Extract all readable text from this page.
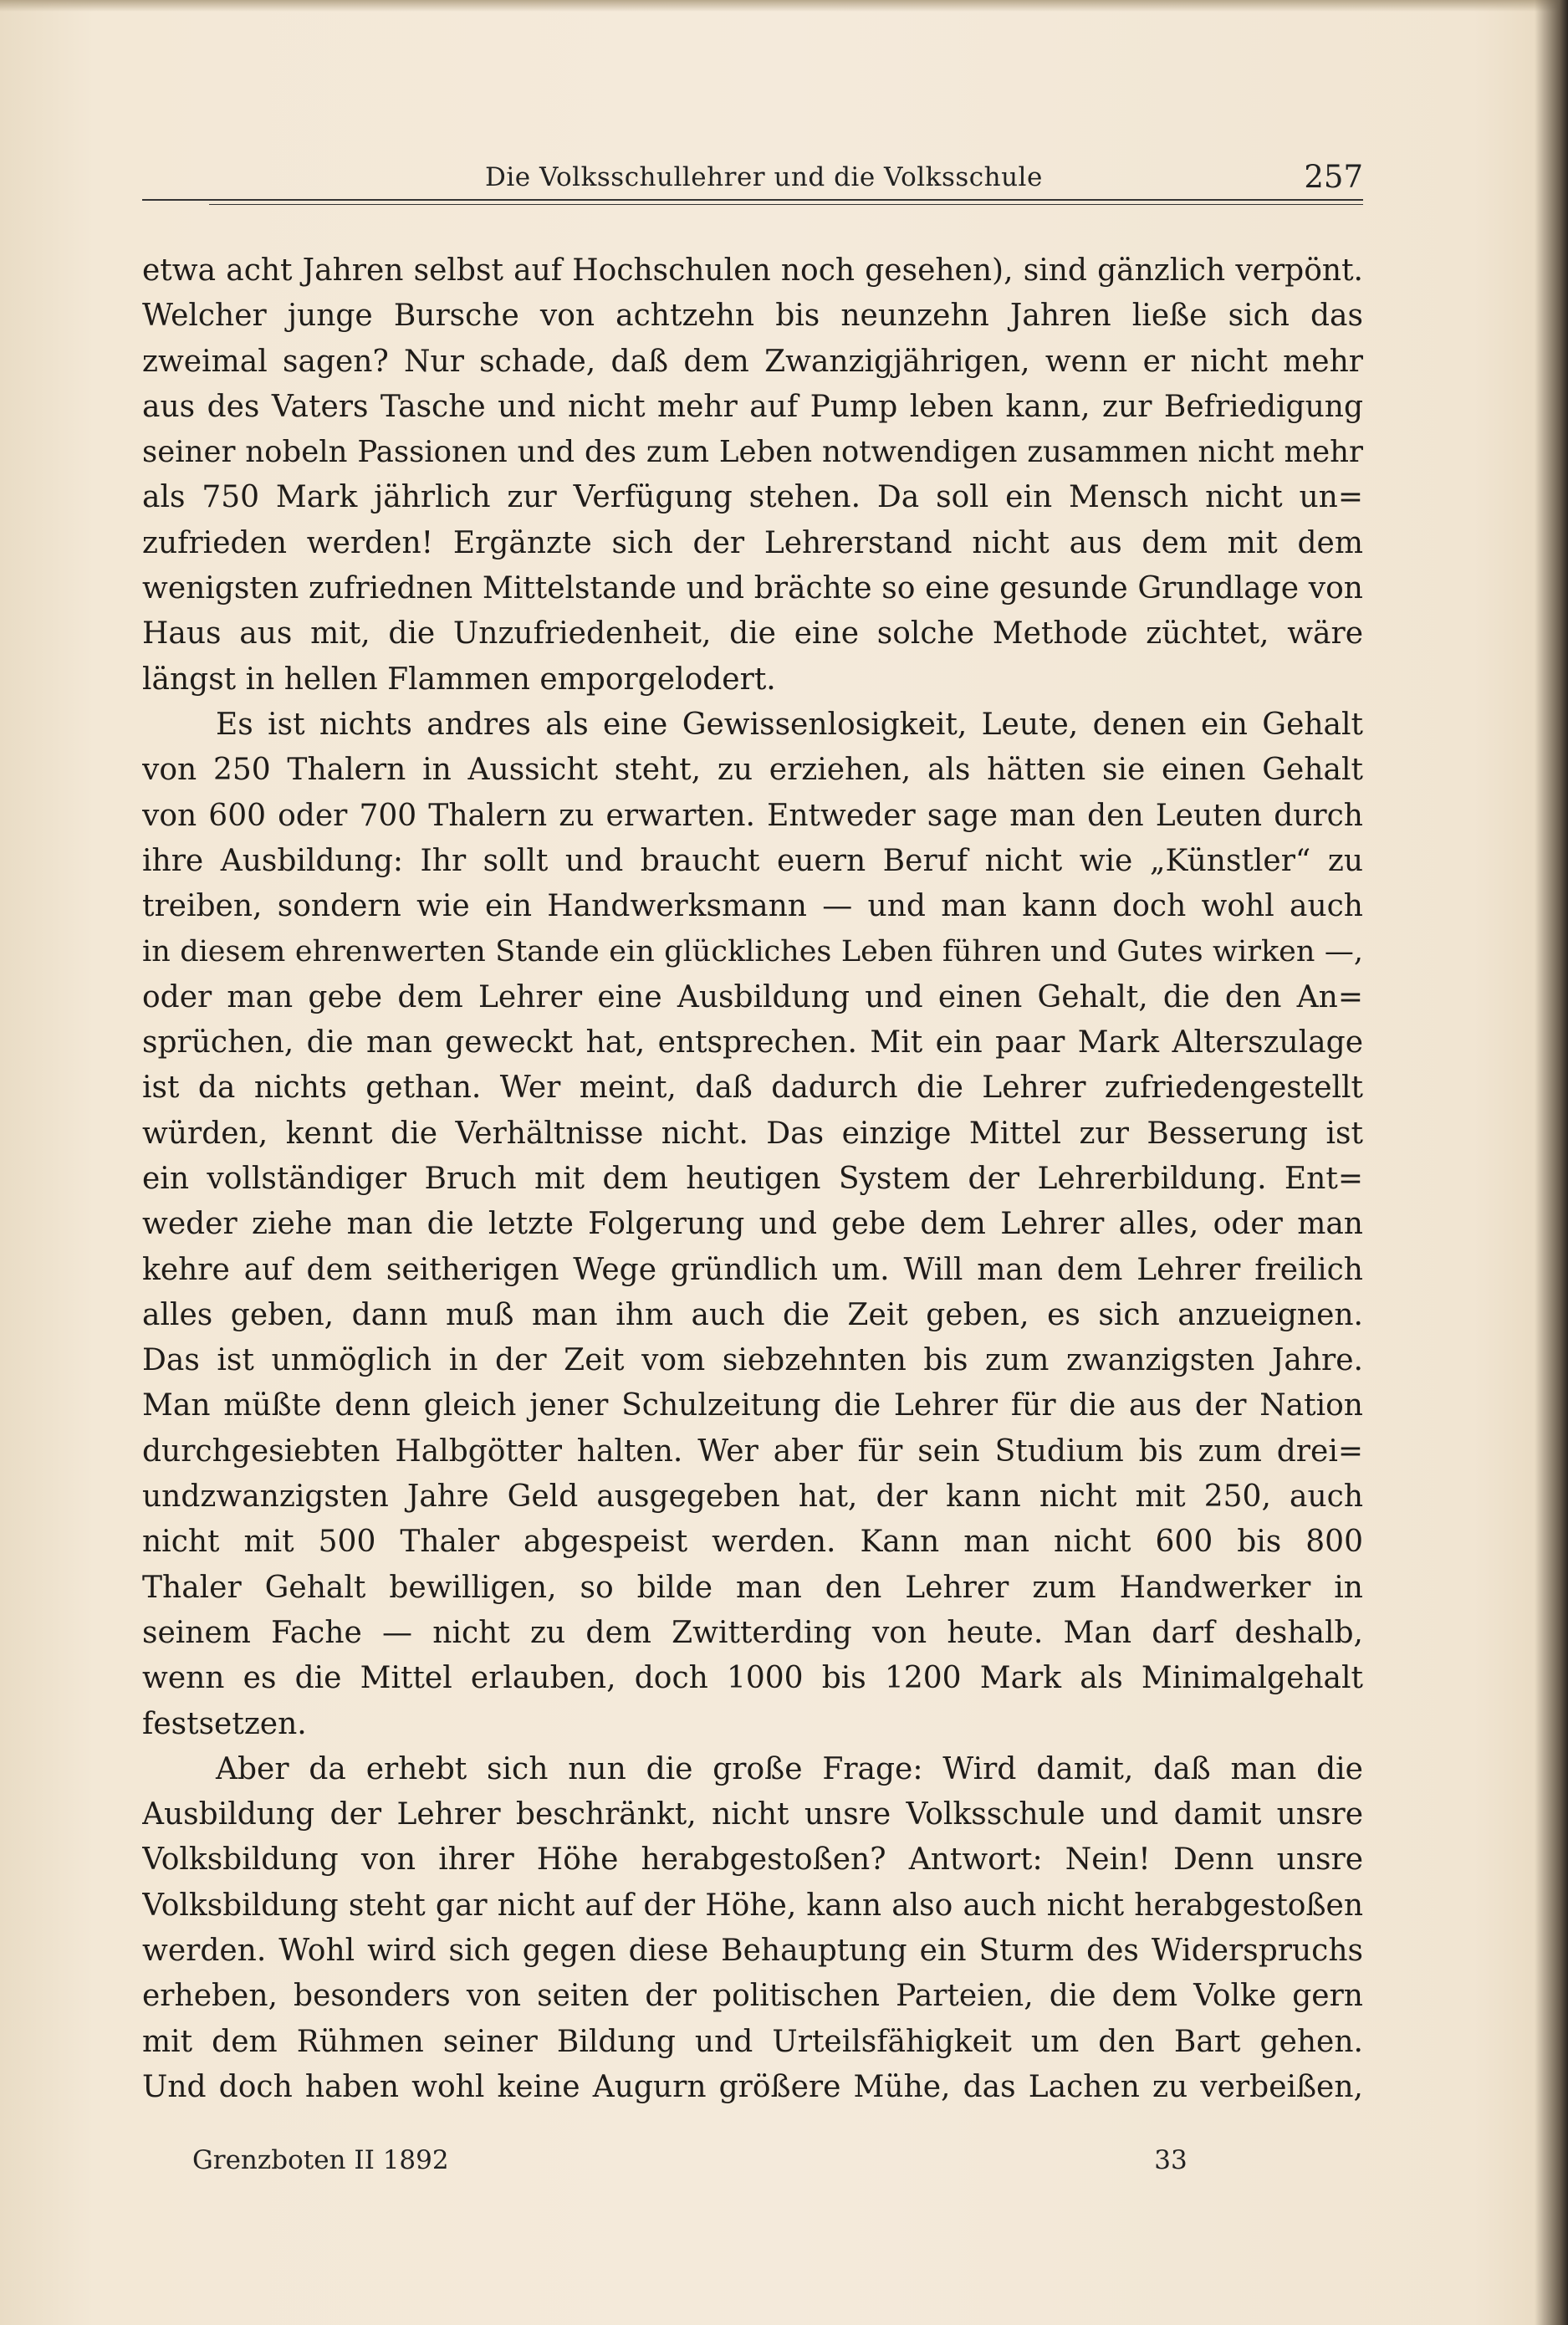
Die Volksschullehrer und die Volksschule	257
etwa acht Jahren selbst auf Hochschulen noch gesehen), sind gänzlich verpönt.
Welcher junge Bursche von achtzehn bis neunzehn Jahren ließe sich das
zweimal sagen? Nur schade, daß dem Zwanzigjährigen, wenn er nicht mehr
aus des Vaters Tasche und nicht mehr auf Pump leben kann, zur Befriedigung
seiner nobeln Passionen und des zum Leben notwendigen zusammen nicht mehr
als 750 Mark jährlich zur Verfügung stehen. Da soll ein Mensch nicht un=
zufrieden werden! Ergänzte sich der Lehrerstand nicht aus dem mit dem
wenigsten zufriednen Mittelstande und brächte so eine gesunde Grundlage von
Haus aus mit, die Unzufriedenheit, die eine solche Methode züchtet, wäre
längst in hellen Flammen emporgelodert.
Es ist nichts andres als eine Gewissenlosigkeit, Leute, denen ein Gehalt
von 250 Thalern in Aussicht steht, zu erziehen, als hätten sie einen Gehalt
von 600 oder 700 Thalern zu erwarten. Entweder sage man den Leuten durch
ihre Ausbildung: Ihr sollt und braucht euern Beruf nicht wie „Künstler“ zu
treiben, sondern wie ein Handwerksmann — und man kann doch wohl auch
in diesem ehrenwerten Stande ein glückliches Leben führen und Gutes wirken —,
oder man gebe dem Lehrer eine Ausbildung und einen Gehalt, die den An=
sprüchen, die man geweckt hat, entsprechen. Mit ein paar Mark Alterszulage
ist da nichts gethan. Wer meint, daß dadurch die Lehrer zufriedengestellt
würden, kennt die Verhältnisse nicht. Das einzige Mittel zur Besserung ist
ein vollständiger Bruch mit dem heutigen System der Lehrerbildung. Ent=
weder ziehe man die letzte Folgerung und gebe dem Lehrer alles, oder man
kehre auf dem seitherigen Wege gründlich um. Will man dem Lehrer freilich
alles geben, dann muß man ihm auch die Zeit geben, es sich anzueignen.
Das ist unmöglich in der Zeit vom siebzehnten bis zum zwanzigsten Jahre.
Man müßte denn gleich jener Schulzeitung die Lehrer für die aus der Nation
durchgesiebten Halbgötter halten. Wer aber für sein Studium bis zum drei=
undzwanzigsten Jahre Geld ausgegeben hat, der kann nicht mit 250, auch
nicht mit 500 Thaler abgespeist werden. Kann man nicht 600 bis 800
Thaler Gehalt bewilligen, so bilde man den Lehrer zum Handwerker in
seinem Fache — nicht zu dem Zwitterding von heute. Man darf deshalb,
wenn es die Mittel erlauben, doch 1000 bis 1200 Mark als Minimalgehalt
festsetzen.
Aber da erhebt sich nun die große Frage: Wird damit, daß man die
Ausbildung der Lehrer beschränkt, nicht unsre Volksschule und damit unsre
Volksbildung von ihrer Höhe herabgestoßen? Antwort: Nein! Denn unsre
Volksbildung steht gar nicht auf der Höhe, kann also auch nicht herabgestoßen
werden. Wohl wird sich gegen diese Behauptung ein Sturm des Widerspruchs
erheben, besonders von seiten der politischen Parteien, die dem Volke gern
mit dem Rühmen seiner Bildung und Urteilsfähigkeit um den Bart gehen.
Und doch haben wohl keine Augurn größere Mühe, das Lachen zu verbeißen,
Grenzboten II 1892	33
